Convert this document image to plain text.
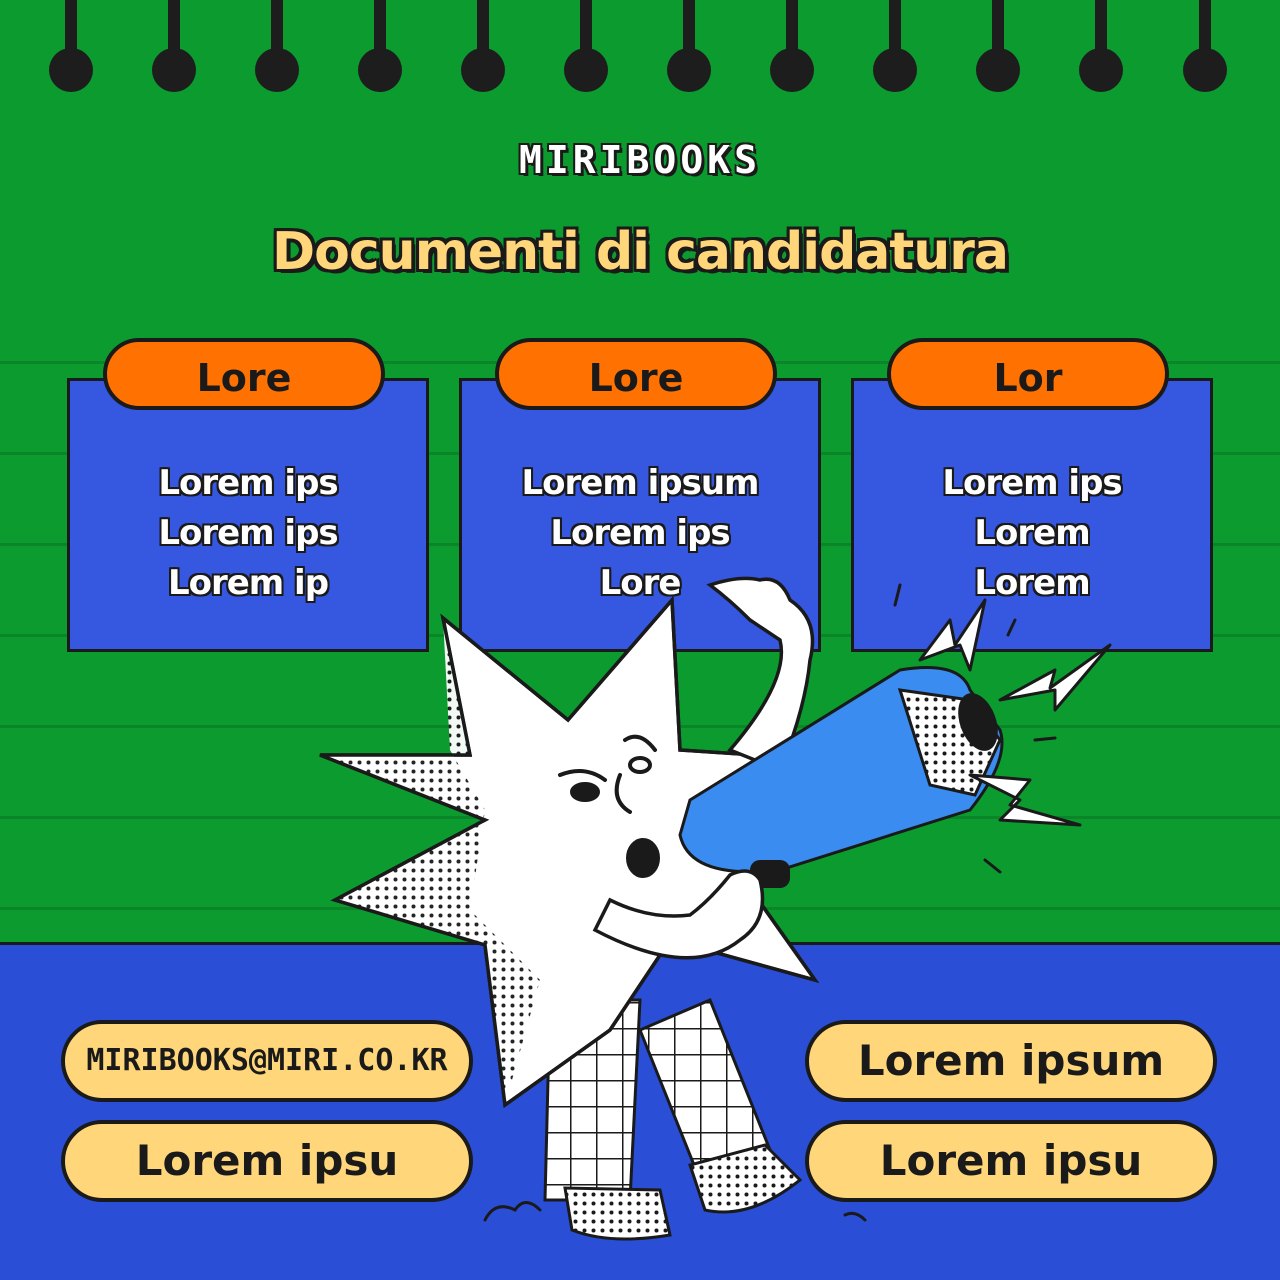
MIRIBOOKS
Documenti di candidatura
Lore
Lorem ips
Lorem ips
Lorem ip
Lore
Lorem ipsum
Lorem ips
Lore
Lor
Lorem ips
Lorem
Lorem
MIRIBOOKS@MIRI.CO.KR
Lorem ipsu
Lorem ipsum
Lorem ipsu
